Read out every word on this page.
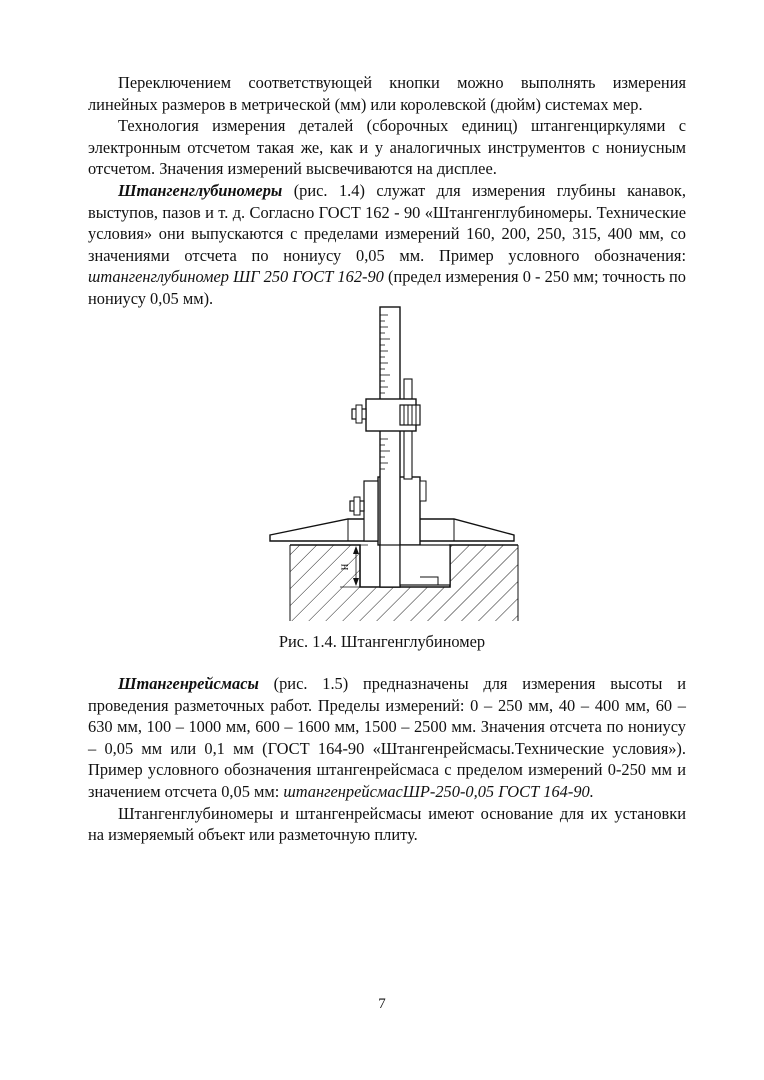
Переключением соответствующей кнопки можно выполнять измерения линейных размеров в метрической (мм) или королевской (дюйм) системах мер.

Технология измерения деталей (сборочных единиц) штангенциркулями с электронным отсчетом такая же, как и у аналогичных инструментов с нониусным отсчетом. Значения измерений высвечиваются на дисплее.

Штангенглубиномеры (рис. 1.4) служат для измерения глубины канавок, выступов, пазов и т. д. Согласно ГОСТ 162 - 90 «Штангенглубиномеры. Технические условия» они выпускаются с пределами измерений 160, 200, 250, 315, 400 мм, со значениями отсчета по нониусу 0,05 мм. Пример условного обозначения: штангенглубиномер ШГ 250 ГОСТ 162-90 (предел измерения 0 - 250 мм; точность по нониусу 0,05 мм).

H
Рис. 1.4. Штангенглубиномер

Штангенрейсмасы (рис. 1.5) предназначены для измерения высоты и проведения разметочных работ. Пределы измерений: 0 – 250 мм, 40 – 400 мм, 60 – 630 мм, 100 – 1000 мм, 600 – 1600 мм, 1500 – 2500 мм. Значения отсчета по нониусу – 0,05 мм или 0,1 мм (ГОСТ 164-90 «Штангенрейсмасы.Технические условия»). Пример условного обозначения штангенрейсмаса с пределом измерений 0-250 мм и значением отсчета 0,05 мм: штангенрейсмасШР-250-0,05 ГОСТ 164-90.

Штангенглубиномеры и штангенрейсмасы имеют основание для их установки на измеряемый объект или разметочную плиту.

7
